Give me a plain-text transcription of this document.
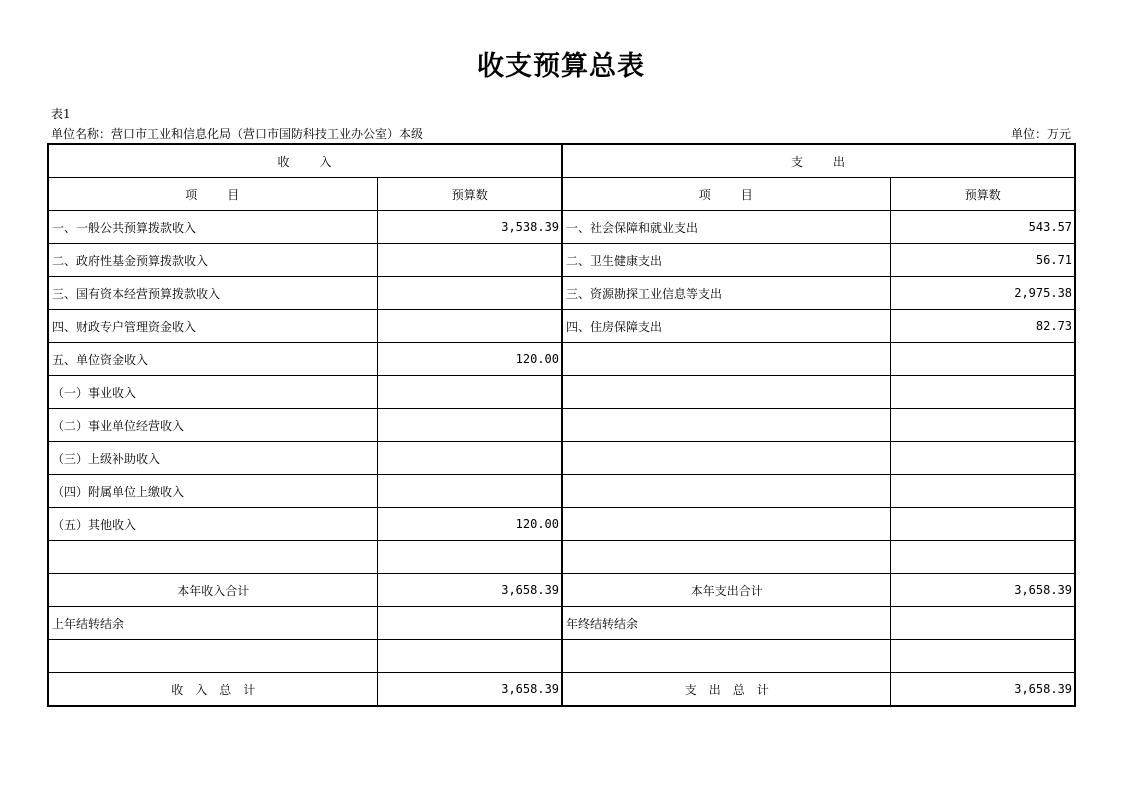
收支预算总表
表1
单位名称：营口市工业和信息化局（营口市国防科技工业办公室）本级	单位：万元
收　　入		支　　出	
项　　目	预算数	项　　目	预算数
一、一般公共预算拨款收入	3,538.39	一、社会保障和就业支出	543.57
二、政府性基金预算拨款收入		二、卫生健康支出	56.71
三、国有资本经营预算拨款收入		三、资源勘探工业信息等支出	2,975.38
四、财政专户管理资金收入		四、住房保障支出	82.73
五、单位资金收入	120.00		
（一）事业收入			
（二）事业单位经营收入			
（三）上级补助收入			
（四）附属单位上缴收入			
（五）其他收入	120.00		

本年收入合计	3,658.39	本年支出合计	3,658.39
上年结转结余		年终结转结余	

收　入　总　计	3,658.39	支　出　总　计	3,658.39
